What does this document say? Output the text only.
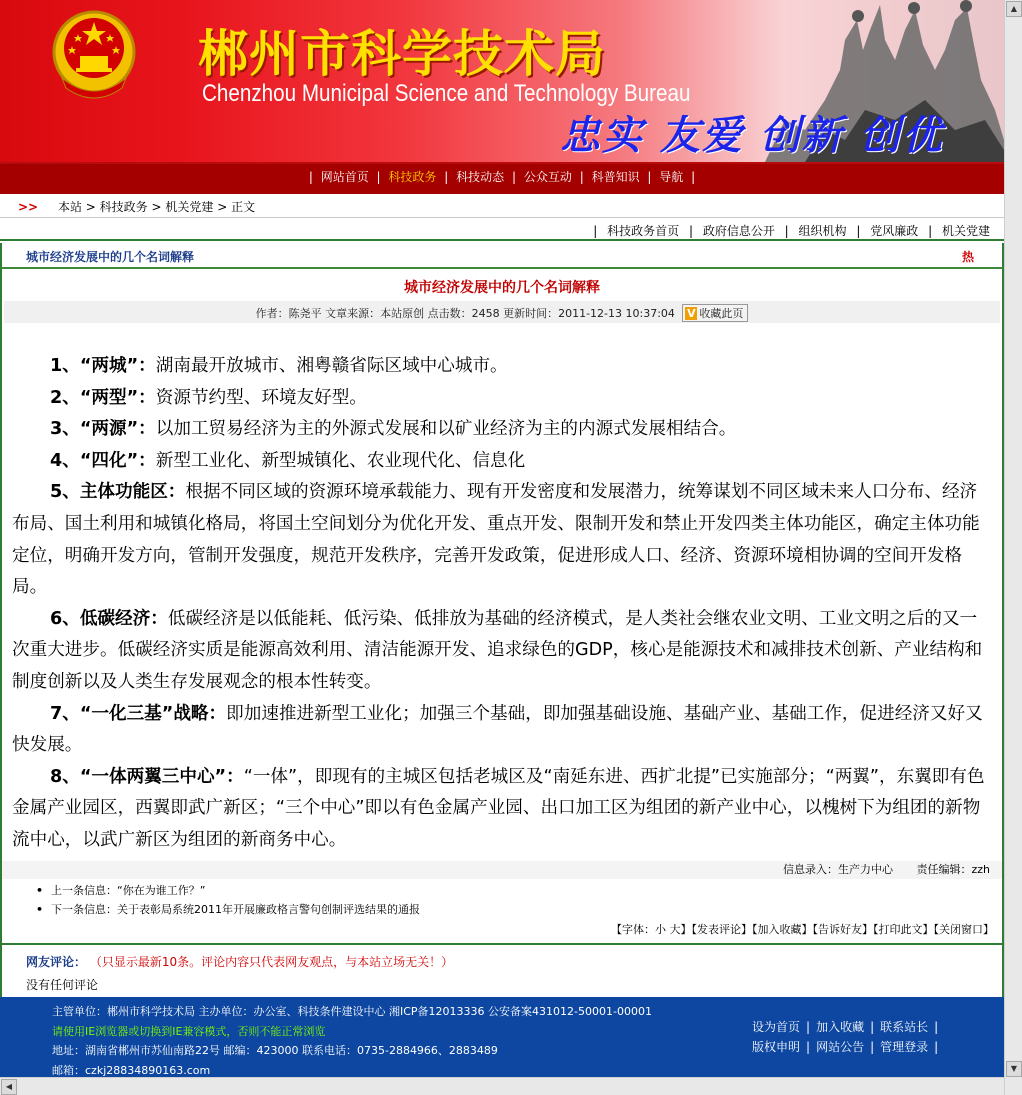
郴州市科学技术局
Chenzhou Municipal Science and Technology Bureau
忠实 友爱 创新 创优
| 网站首页 | 科技政务 | 科技动态 | 公众互动 | 科普知识 | 导航 |
>> 本站 > 科技政务 > 机关党建 > 正文
| 科技政务首页 | 政府信息公开 | 组织机构 | 党风廉政 | 机关党建
城市经济发展中的几个名词解释	热
城市经济发展中的几个名词解释
作者：陈尧平 文章来源：本站原创 点击数：2458 更新时间：2011-12-13 10:37:04 V 收藏此页

1、“两城”：湖南最开放城市、湘粤赣省际区域中心城市。

2、“两型”：资源节约型、环境友好型。

3、“两源”：以加工贸易经济为主的外源式发展和以矿业经济为主的内源式发展相结合。

4、“四化”：新型工业化、新型城镇化、农业现代化、信息化

5、主体功能区：根据不同区域的资源环境承载能力、现有开发密度和发展潜力，统筹谋划不同区域未来人口分布、经济布局、国土利用和城镇化格局，将国土空间划分为优化开发、重点开发、限制开发和禁止开发四类主体功能区，确定主体功能定位，明确开发方向，管制开发强度，规范开发秩序，完善开发政策，促进形成人口、经济、资源环境相协调的空间开发格局。

6、低碳经济：低碳经济是以低能耗、低污染、低排放为基础的经济模式，是人类社会继农业文明、工业文明之后的又一次重大进步。低碳经济实质是能源高效利用、清洁能源开发、追求绿色的GDP，核心是能源技术和减排技术创新、产业结构和制度创新以及人类生存发展观念的根本性转变。

7、“一化三基”战略：即加速推进新型工业化；加强三个基础，即加强基础设施、基础产业、基础工作，促进经济又好又快发展。

8、“一体两翼三中心”：“一体”，即现有的主城区包括老城区及“南延东进、西扩北提”已实施部分；“两翼”，东翼即有色金属产业园区，西翼即武广新区；“三个中心”即以有色金属产业园、出口加工区为组团的新产业中心，以槐树下为组团的新物流中心，以武广新区为组团的新商务中心。

信息录入：生产力中心 责任编辑：zzh
• 上一条信息：“你在为谁工作？”
• 下一条信息：关于表彰局系统2011年开展廉政格言警句创制评选结果的通报
【字体：小 大】【发表评论】【加入收藏】【告诉好友】【打印此文】【关闭窗口】
网友评论： （只显示最新10条。评论内容只代表网友观点，与本站立场无关！）
没有任何评论
主管单位：郴州市科学技术局 主办单位：办公室、科技条件建设中心 湘ICP备12013336 公安备案431012-50001-00001
请使用IE浏览器或切换到IE兼容模式，否则不能正常浏览
地址：湖南省郴州市苏仙南路22号 邮编：423000 联系电话：0735-2884966、2883489
邮箱：czkj28834890163.com
设为首页 | 加入收藏 | 联系站长 |
版权申明 | 网站公告 | 管理登录 |
◀
▲
▼
